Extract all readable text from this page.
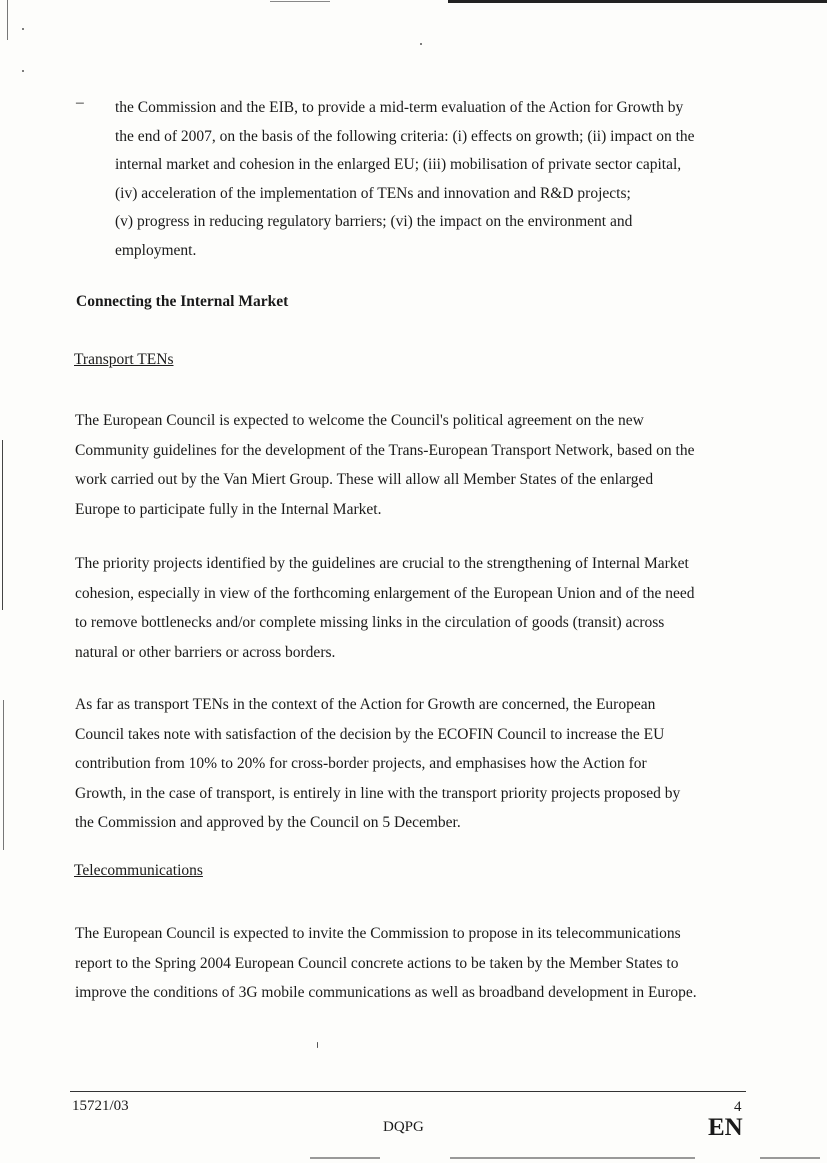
– the Commission and the EIB, to provide a mid-term evaluation of the Action for Growth by
the end of 2007, on the basis of the following criteria: (i) effects on growth; (ii) impact on the
internal market and cohesion in the enlarged EU; (iii) mobilisation of private sector capital,
(iv) acceleration of the implementation of TENs and innovation and R&D projects;
(v) progress in reducing regulatory barriers; (vi) the impact on the environment and
employment.
Connecting the Internal Market
Transport TENs
The European Council is expected to welcome the Council's political agreement on the new
Community guidelines for the development of the Trans-European Transport Network, based on the
work carried out by the Van Miert Group. These will allow all Member States of the enlarged
Europe to participate fully in the Internal Market.
The priority projects identified by the guidelines are crucial to the strengthening of Internal Market
cohesion, especially in view of the forthcoming enlargement of the European Union and of the need
to remove bottlenecks and/or complete missing links in the circulation of goods (transit) across
natural or other barriers or across borders.
As far as transport TENs in the context of the Action for Growth are concerned, the European
Council takes note with satisfaction of the decision by the ECOFIN Council to increase the EU
contribution from 10% to 20% for cross-border projects, and emphasises how the Action for
Growth, in the case of transport, is entirely in line with the transport priority projects proposed by
the Commission and approved by the Council on 5 December.
Telecommunications
The European Council is expected to invite the Commission to propose in its telecommunications
report to the Spring 2004 European Council concrete actions to be taken by the Member States to
improve the conditions of 3G mobile communications as well as broadband development in Europe.
15721/03	4
DQPG	EN
